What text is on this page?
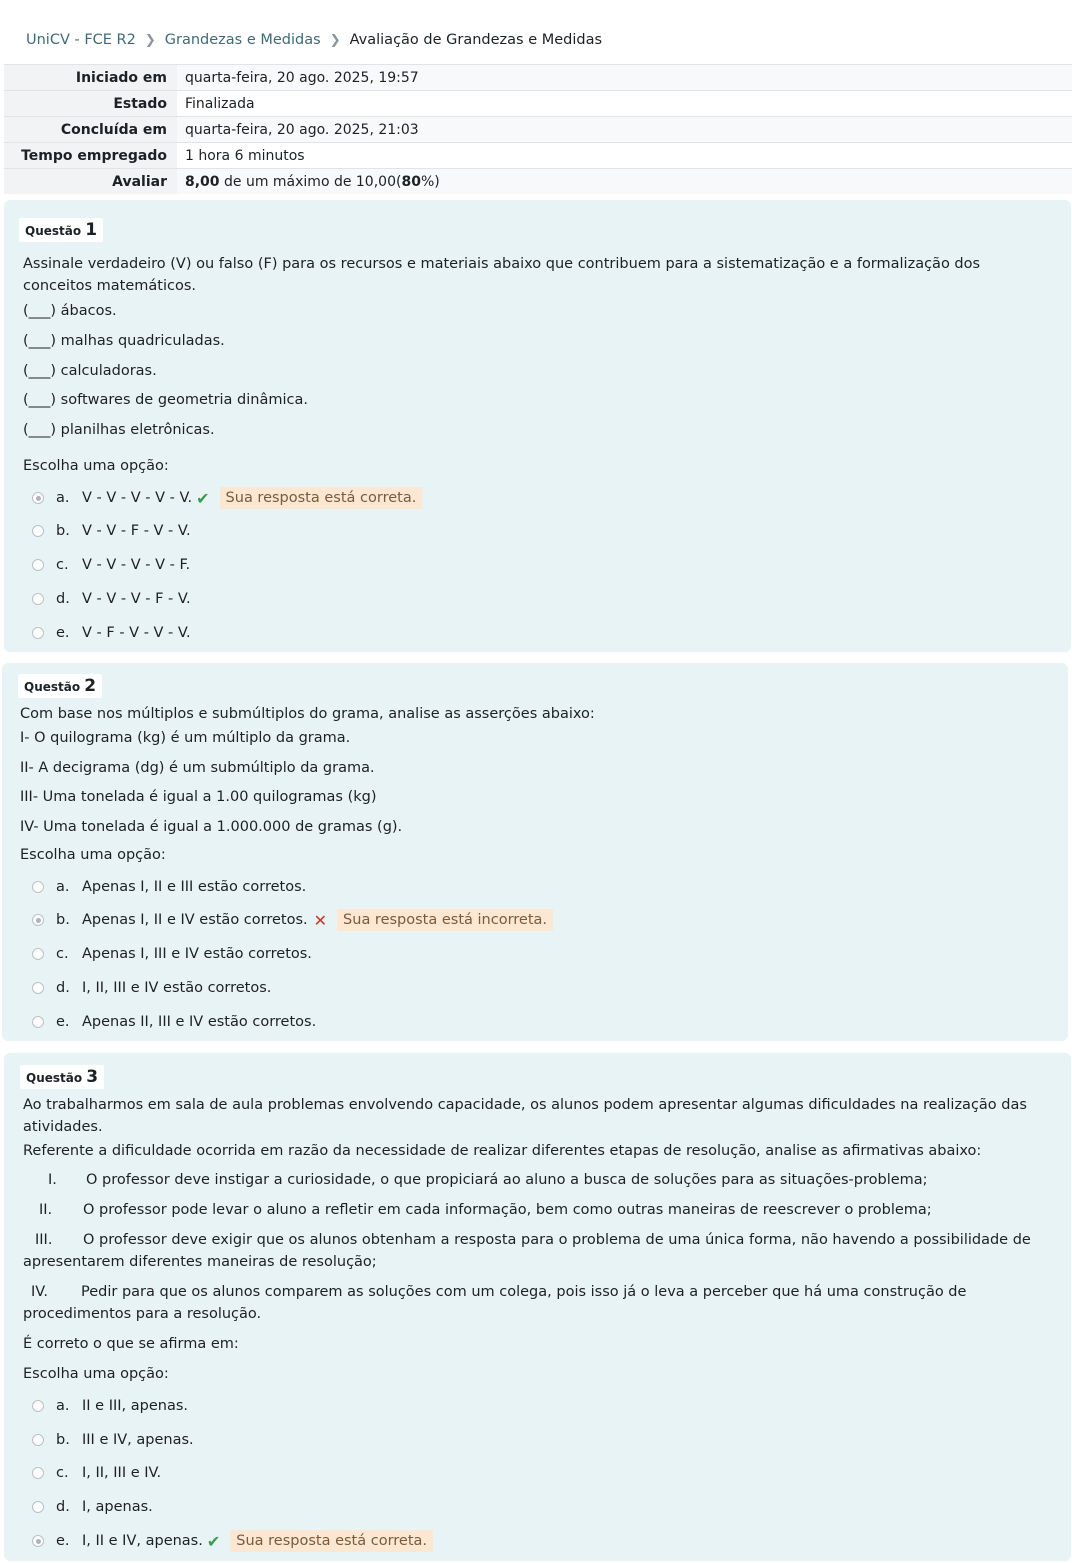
UniCV - FCE R2 ❯ Grandezas e Medidas ❯ Avaliação de Grandezas e Medidas
Iniciado em	quarta-feira, 20 ago. 2025, 19:57
Estado	Finalizada
Concluída em	quarta-feira, 20 ago. 2025, 21:03
Tempo empregado	1 hora 6 minutos
Avaliar	8,00 de um máximo de 10,00(80%)
Questão 1
Assinale verdadeiro (V) ou falso (F) para os recursos e materiais abaixo que contribuem para a sistematização e a formalização dos conceitos matemáticos.
(___) ábacos.
(___) malhas quadriculadas.
(___) calculadoras.
(___) softwares de geometria dinâmica.
(___) planilhas eletrônicas.
Escolha uma opção:
a. V - V - V - V - V. ✔	Sua resposta está correta.
b. V - V - F - V - V.
c. V - V - V - V - F.
d. V - V - V - F - V.
e. V - F - V - V - V.
Questão 2
Com base nos múltiplos e submúltiplos do grama, analise as asserções abaixo:
I- O quilograma (kg) é um múltiplo da grama.
II- A decigrama (dg) é um submúltiplo da grama.
III- Uma tonelada é igual a 1.00 quilogramas (kg)
IV- Uma tonelada é igual a 1.000.000 de gramas (g).
Escolha uma opção:
a. Apenas I, II e III estão corretos.
b. Apenas I, II e IV estão corretos. ✕	Sua resposta está incorreta.
c. Apenas I, III e IV estão corretos.
d. I, II, III e IV estão corretos.
e. Apenas II, III e IV estão corretos.
Questão 3
Ao trabalharmos em sala de aula problemas envolvendo capacidade, os alunos podem apresentar algumas dificuldades na realização das atividades.
Referente a dificuldade ocorrida em razão da necessidade de realizar diferentes etapas de resolução, analise as afirmativas abaixo:
I. O professor deve instigar a curiosidade, o que propiciará ao aluno a busca de soluções para as situações-problema;
II. O professor pode levar o aluno a refletir em cada informação, bem como outras maneiras de reescrever o problema;
III. O professor deve exigir que os alunos obtenham a resposta para o problema de uma única forma, não havendo a possibilidade de apresentarem diferentes maneiras de resolução;
IV. Pedir para que os alunos comparem as soluções com um colega, pois isso já o leva a perceber que há uma construção de procedimentos para a resolução.
É correto o que se afirma em:
Escolha uma opção:
a. II e III, apenas.
b. III e IV, apenas.
c. I, II, III e IV.
d. I, apenas.
e. I, II e IV, apenas. ✔	Sua resposta está correta.
